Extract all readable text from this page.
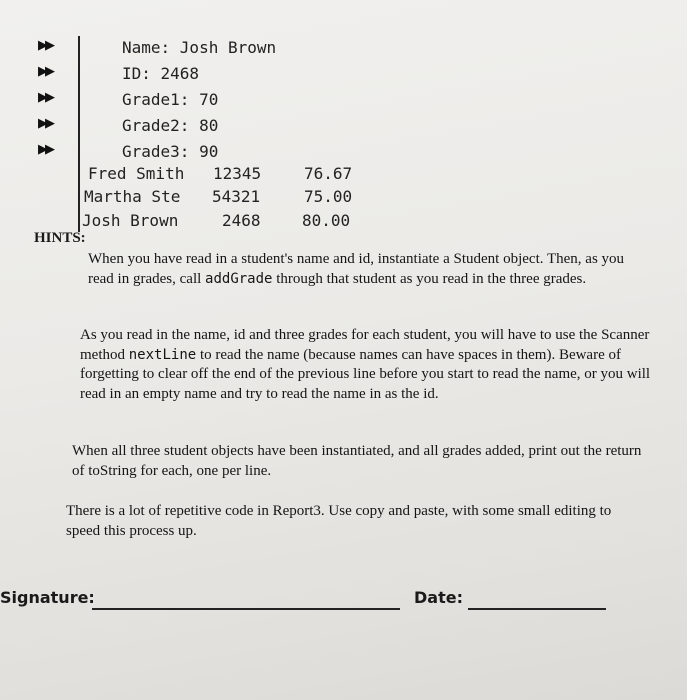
▶▶
▶▶
▶▶
▶▶
▶▶
Name: Josh Brown
ID: 2468
Grade1: 70
Grade2: 80
Grade3: 90
Fred Smith 12345	76.67
Martha Ste 54321	75.00
Josh Brown	2468	80.00
HINTS:
When you have read in a student's name and id, instantiate a Student object. Then, as you read in grades, call addGrade through that student as you read in the three grades.
As you read in the name, id and three grades for each student, you will have to use the Scanner method nextLine to read the name (because names can have spaces in them). Beware of forgetting to clear off the end of the previous line before you start to read the name, or you will read in an empty name and try to read the name in as the id.
When all three student objects have been instantiated, and all grades added, print out the return of toString for each, one per line.
There is a lot of repetitive code in Report3. Use copy and paste, with some small editing to speed this process up.
Signature:	Date:
